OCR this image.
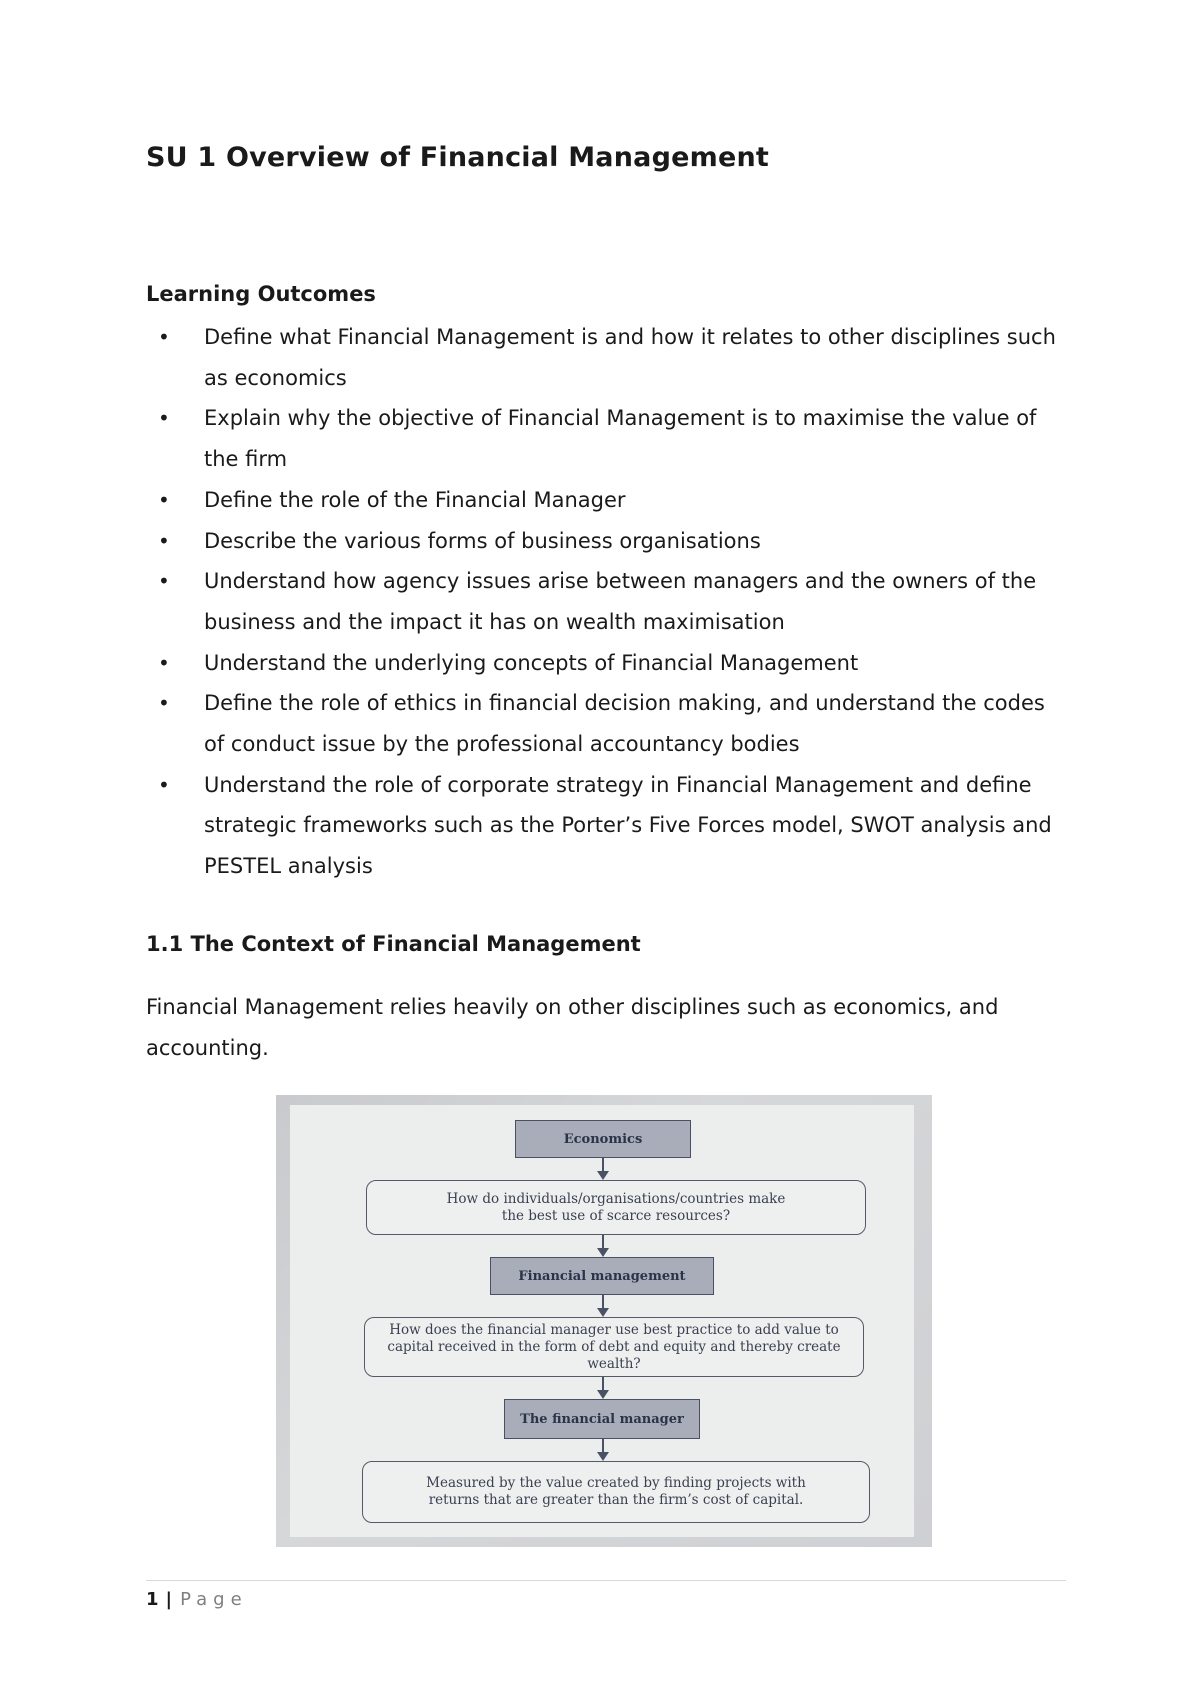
SU 1 Overview of Financial Management
Learning Outcomes
• Define what Financial Management is and how it relates to other disciplines such as economics
• Explain why the objective of Financial Management is to maximise the value of the firm
• Define the role of the Financial Manager
• Describe the various forms of business organisations
• Understand how agency issues arise between managers and the owners of the business and the impact it has on wealth maximisation
• Understand the underlying concepts of Financial Management
• Define the role of ethics in financial decision making, and understand the codes of conduct issue by the professional accountancy bodies
• Understand the role of corporate strategy in Financial Management and define strategic frameworks such as the Porter’s Five Forces model, SWOT analysis and PESTEL analysis
1.1 The Context of Financial Management

Financial Management relies heavily on other disciplines such as economics, and accounting.

Economics
How do individuals/organisations/countries make the best use of scarce resources?
Financial management
How does the financial manager use best practice to add value to capital received in the form of debt and equity and thereby create wealth?
The financial manager
Measured by the value created by finding projects with returns that are greater than the firm’s cost of capital.
1 | Page
